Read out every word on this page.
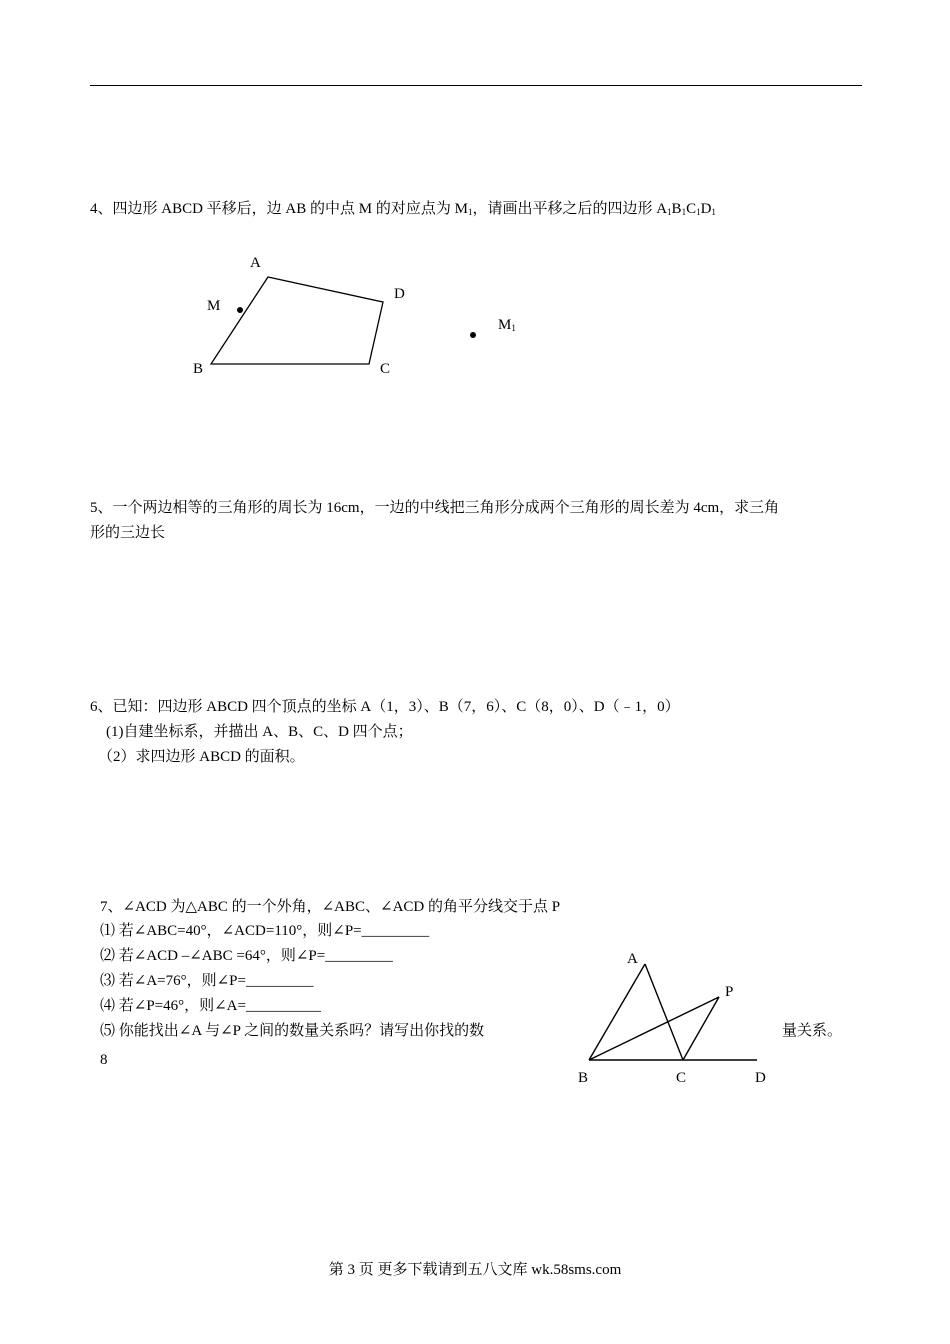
4、四边形 ABCD 平移后，边 AB 的中点 M 的对应点为 $M_1$，请画出平移之后的四边形 $A1B_1C_1D_1$
A
D
M
$M_1$
B	C
5、一个两边相等的三角形的周长为 16cm，一边的中线把三角形分成两个三角形的周长差为 4cm，求三角
形的三边长
6、已知：四边形 ABCD 四个顶点的坐标 A（1，3）、B（7，6）、C（8，0）、D（﹣1，0）
(1)自建坐标系，并描出 A、B、C、D 四个点；
（2）求四边形 ABCD 的面积。
7、∠ACD 为△ABC 的一个外角，∠ABC、∠ACD 的角平分线交于点 P
⑴ 若∠ABC=40°，∠ACD=110°，则∠P=_________
⑵ 若∠ACD –∠ABC =64°，则∠P=_________
⑶ 若∠A=76°，则∠P=_________
⑷ 若∠P=46°，则∠A=__________
⑸ 你能找出∠A 与∠P 之间的数量关系吗？请写出你找的数	量关系。
8
A
P
B	C	D
第 3 页 更多下载请到五八文库 wk.58sms.com
